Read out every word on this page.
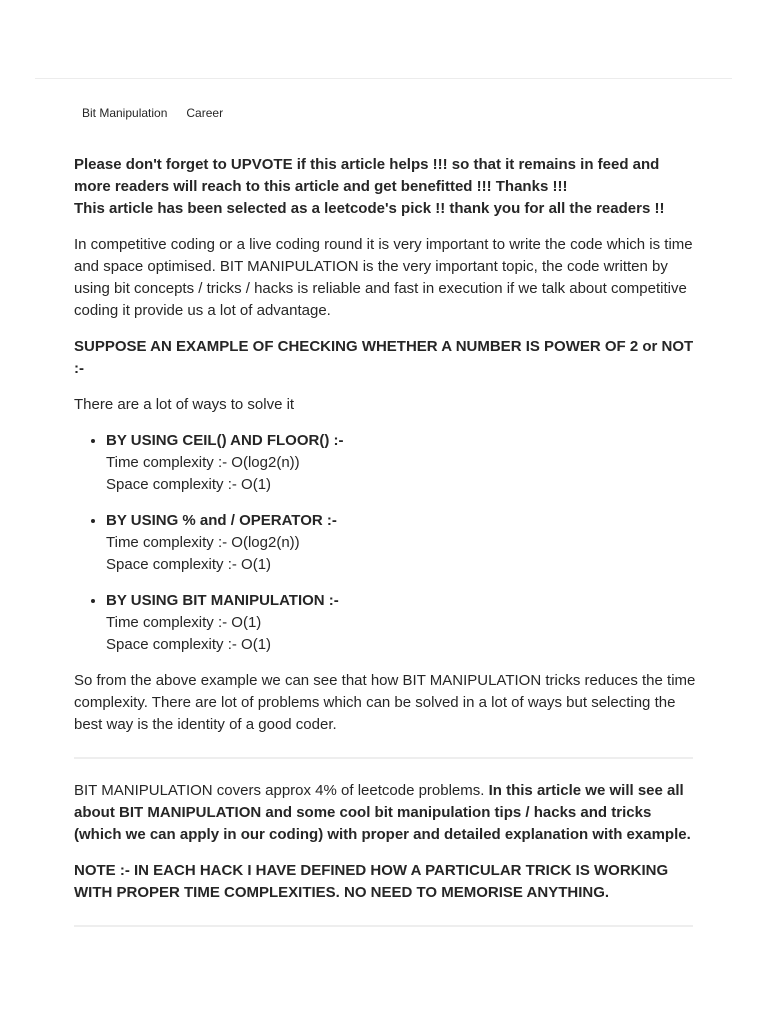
Bit Manipulation Career

Please don't forget to UPVOTE if this article helps !!! so that it remains in feed and more readers will reach to this article and get benefitted !!! Thanks !!!
This article has been selected as a leetcode's pick !! thank you for all the readers !!

In competitive coding or a live coding round it is very important to write the code which is time and space optimised. BIT MANIPULATION is the very important topic, the code written by using bit concepts / tricks / hacks is reliable and fast in execution if we talk about competitive coding it provide us a lot of advantage.

SUPPOSE AN EXAMPLE OF CHECKING WHETHER A NUMBER IS POWER OF 2 or NOT :-

There are a lot of ways to solve it

• BY USING CEIL() AND FLOOR() :-
Time complexity :- O(log2(n))
Space complexity :- O(1)
• BY USING % and / OPERATOR :-
Time complexity :- O(log2(n))
Space complexity :- O(1)
• BY USING BIT MANIPULATION :-
Time complexity :- O(1)
Space complexity :- O(1)

So from the above example we can see that how BIT MANIPULATION tricks reduces the time complexity. There are lot of problems which can be solved in a lot of ways but selecting the best way is the identity of a good coder.

BIT MANIPULATION covers approx 4% of leetcode problems. In this article we will see all about BIT MANIPULATION and some cool bit manipulation tips / hacks and tricks (which we can apply in our coding) with proper and detailed explanation with example.

NOTE :- IN EACH HACK I HAVE DEFINED HOW A PARTICULAR TRICK IS WORKING WITH PROPER TIME COMPLEXITIES. NO NEED TO MEMORISE ANYTHING.
